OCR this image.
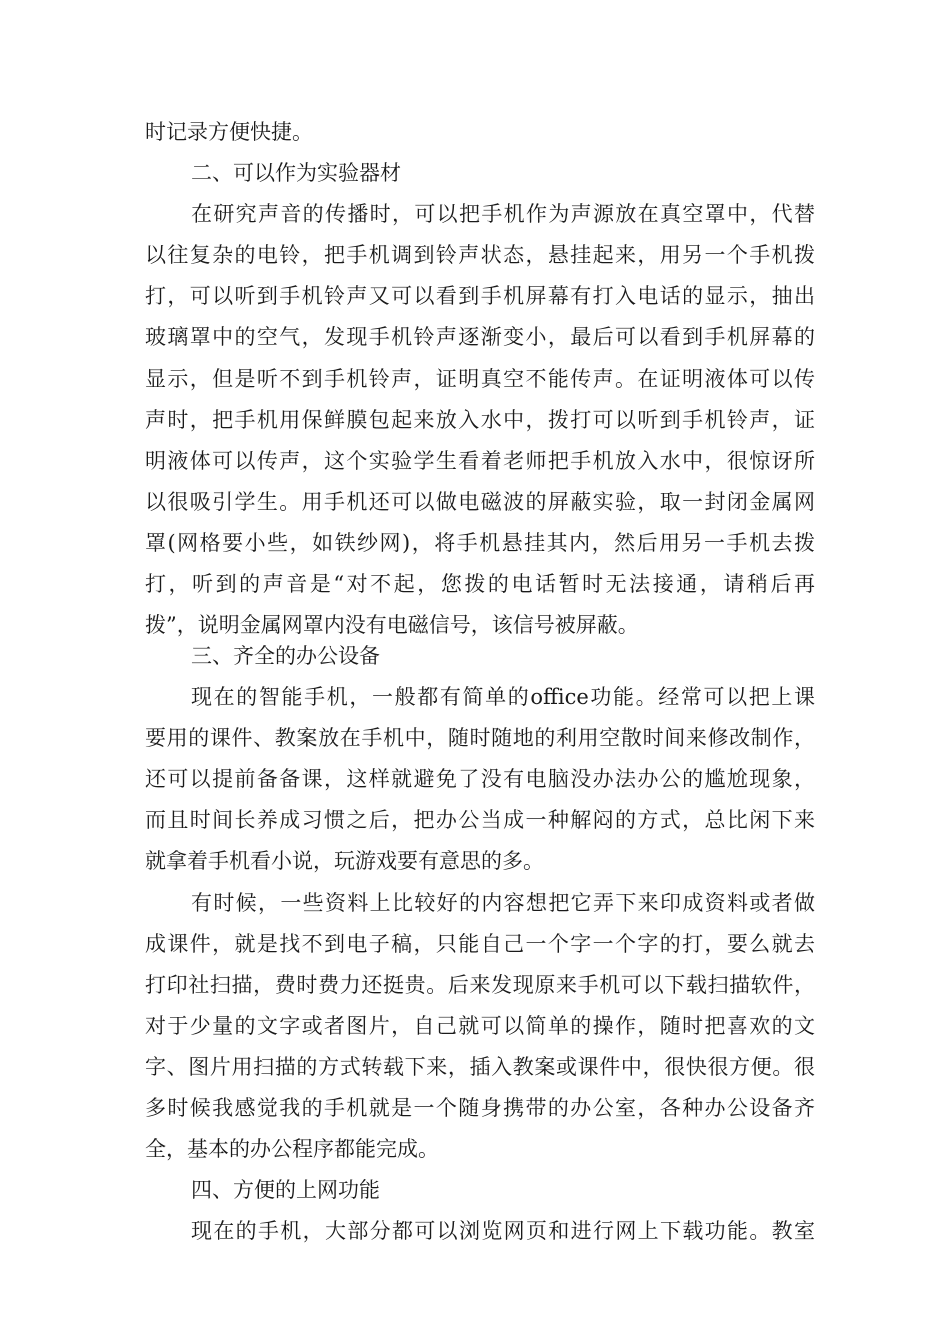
时记录方便快捷。
二、可以作为实验器材
在研究声音的传播时，可以把手机作为声源放在真空罩中，代替
以往复杂的电铃，把手机调到铃声状态，悬挂起来，用另一个手机拨
打，可以听到手机铃声又可以看到手机屏幕有打入电话的显示，抽出
玻璃罩中的空气，发现手机铃声逐渐变小，最后可以看到手机屏幕的
显示，但是听不到手机铃声，证明真空不能传声。在证明液体可以传
声时，把手机用保鲜膜包起来放入水中，拨打可以听到手机铃声，证
明液体可以传声，这个实验学生看着老师把手机放入水中，很惊讶所
以很吸引学生。用手机还可以做电磁波的屏蔽实验，取一封闭金属网
罩(网格要小些，如铁纱网)，将手机悬挂其内，然后用另一手机去拨
打，听到的声音是“对不起，您拨的电话暂时无法接通，请稍后再
拨”，说明金属网罩内没有电磁信号，该信号被屏蔽。
三、齐全的办公设备
现在的智能手机，一般都有简单的office功能。经常可以把上课
要用的课件、教案放在手机中，随时随地的利用空散时间来修改制作，
还可以提前备备课，这样就避免了没有电脑没办法办公的尴尬现象，
而且时间长养成习惯之后，把办公当成一种解闷的方式，总比闲下来
就拿着手机看小说，玩游戏要有意思的多。
有时候，一些资料上比较好的内容想把它弄下来印成资料或者做
成课件，就是找不到电子稿，只能自己一个字一个字的打，要么就去
打印社扫描，费时费力还挺贵。后来发现原来手机可以下载扫描软件，
对于少量的文字或者图片，自己就可以简单的操作，随时把喜欢的文
字、图片用扫描的方式转载下来，插入教案或课件中，很快很方便。很
多时候我感觉我的手机就是一个随身携带的办公室，各种办公设备齐
全，基本的办公程序都能完成。
四、方便的上网功能
现在的手机，大部分都可以浏览网页和进行网上下载功能。教室
